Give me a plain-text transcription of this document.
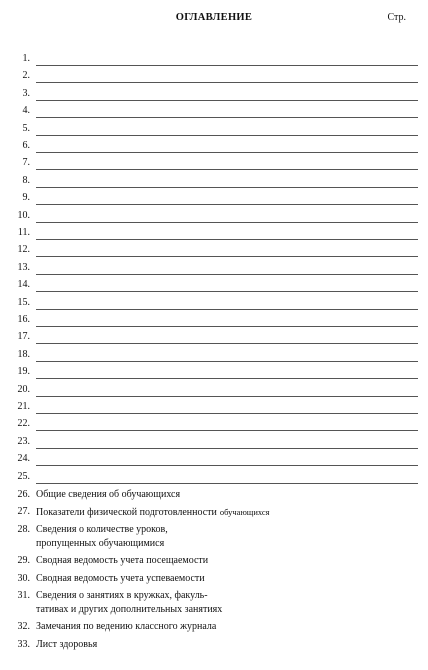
ОГЛАВЛЕНИЕ	Стр.
1.
2.
3.
4.
5.
6.
7.
8.
9.
10.
11.
12.
13.
14.
15.
16.
17.
18.
19.
20.
21.
22.
23.
24.
25.
26. Общие сведения об обучающихся
27. Показатели физической подготовленности обучающихся
28. Сведения о количестве уроков,
пропущенных обучающимися
29. Сводная ведомость учета посещаемости
30. Сводная ведомость учета успеваемости
31. Сведения о занятиях в кружках, факуль-
тативах и других дополнительных занятиях
32. Замечания по ведению классного журнала
33. Лист здоровья
